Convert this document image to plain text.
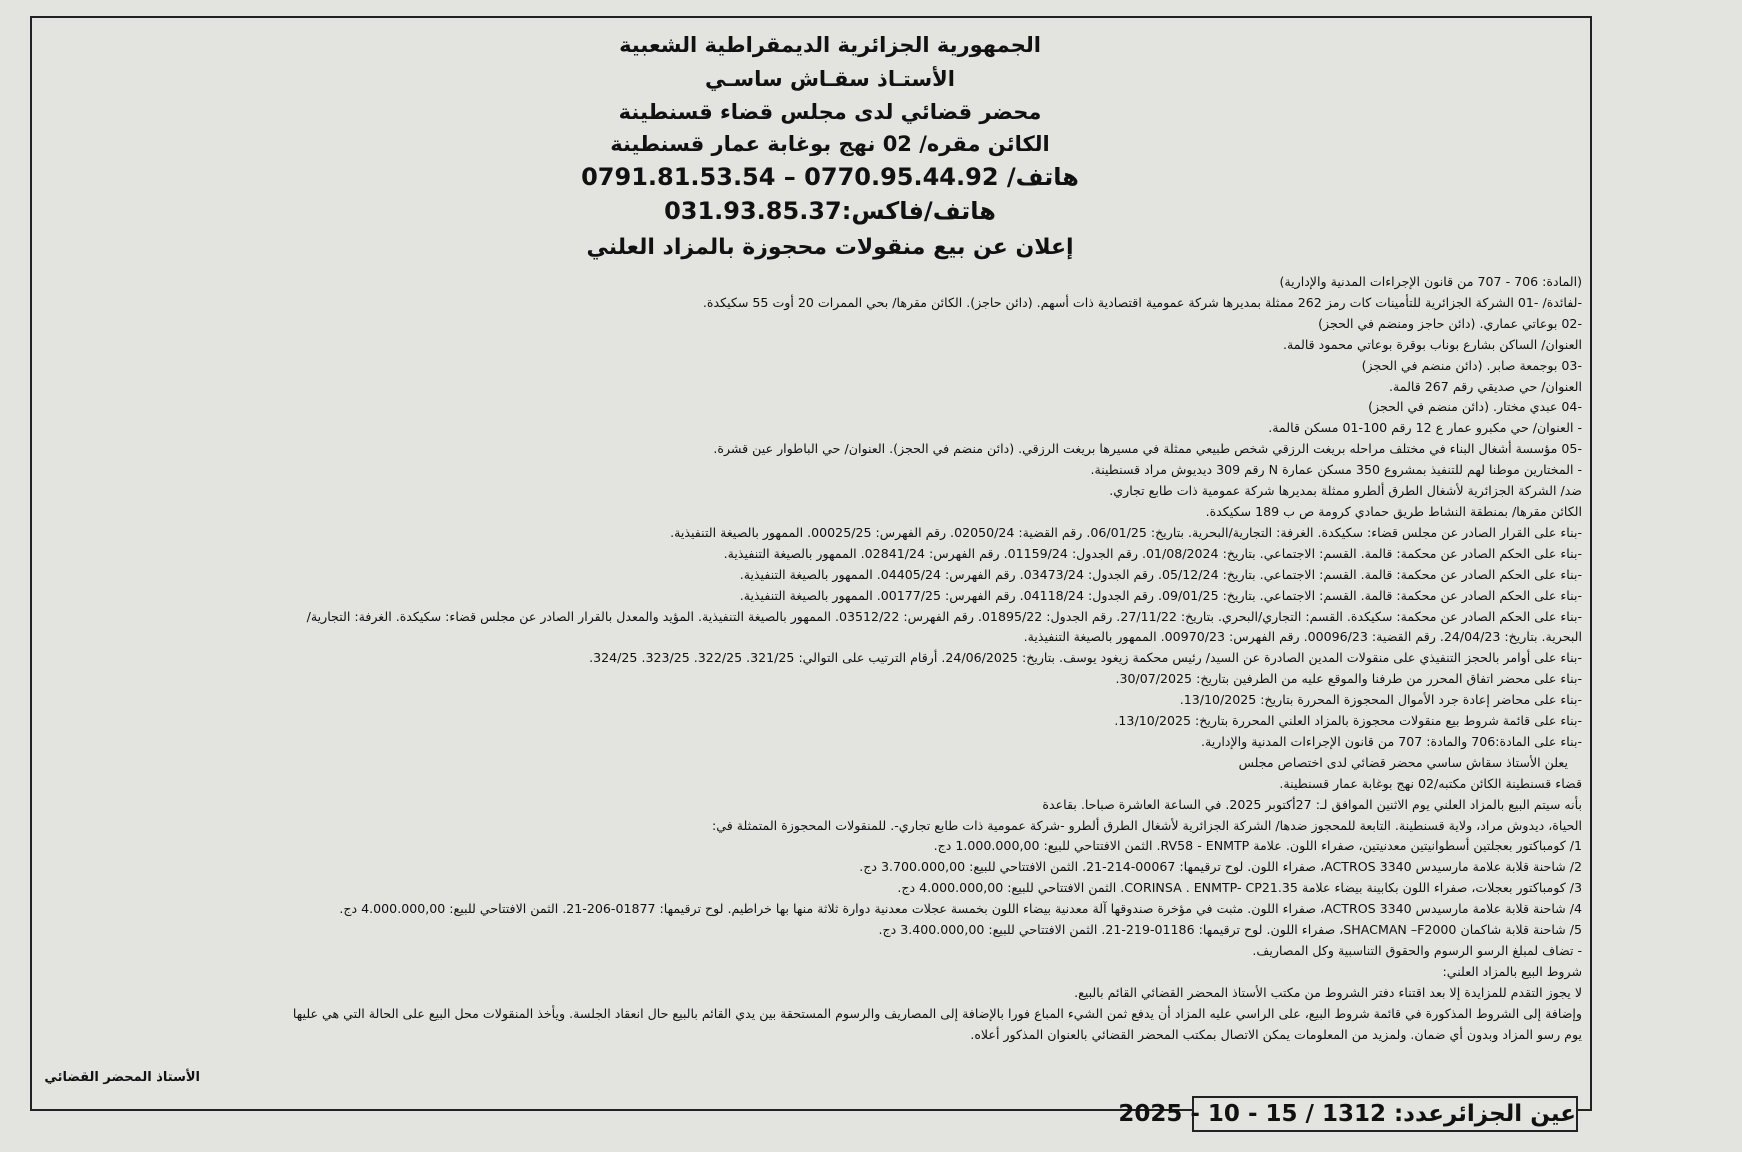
الجمهورية الجزائرية الديمقراطية الشعبية
الأستـاذ سقـاش ساسـي
محضر قضائي لدى مجلس قضاء قسنطينة
الكائن مقره/ 02 نهج بوغابة عمار قسنطينة
هاتف/ 0770.95.44.92 – 0791.81.53.54
هاتف/فاكس:031.93.85.37
إعلان عن بيع منقولات محجوزة بالمزاد العلني
(المادة: 706 - 707 من قانون الإجراءات المدنية والإدارية)
-لفائدة/ -01 الشركة الجزائرية للتأمينات كات رمز 262 ممثلة بمديرها شركة عمومية اقتصادية ذات أسهم. (دائن حاجز). الكائن مقرها/ بحي الممرات 20 أوت 55 سكيكدة.
-02 بوعاتي عماري. (دائن حاجز ومنضم في الحجز)
العنوان/ الساكن بشارع بوناب بوقرة بوعاتي محمود قالمة.
-03 بوجمعة صابر. (دائن منضم في الحجز)
العنوان/ حي صديقي رقم 267 قالمة.
-04 عبدي مختار. (دائن منضم في الحجز)
- العنوان/ حي مكبرو عمار ع 12 رقم 100-01 مسكن قالمة.
-05 مؤسسة أشغال البناء في مختلف مراحله بريغت الرزقي شخص طبيعي ممثلة في مسيرها بريغت الرزقي. (دائن منضم في الحجز). العنوان/ حي الباطوار عين قشرة.
- المختارين موطنا لهم للتنفيذ بمشروع 350 مسكن عمارة N رقم 309 ديديوش مراد قسنطينة.
ضد/ الشركة الجزائرية لأشغال الطرق ألطرو ممثلة بمديرها شركة عمومية ذات طابع تجاري.
الكائن مقرها/ بمنطقة النشاط طريق حمادي كرومة ص ب 189 سكيكدة.
-بناء على القرار الصادر عن مجلس قضاء: سكيكدة. الغرفة: التجارية/البحرية. بتاريخ: 06/01/25. رقم القضية: 02050/24. رقم الفهرس: 00025/25. الممهور بالصيغة التنفيذية.
-بناء على الحكم الصادر عن محكمة: قالمة. القسم: الاجتماعي. بتاريخ: 01/08/2024. رقم الجدول: 01159/24. رقم الفهرس: 02841/24. الممهور بالصيغة التنفيذية.
-بناء على الحكم الصادر عن محكمة: قالمة. القسم: الاجتماعي. بتاريخ: 05/12/24. رقم الجدول: 03473/24. رقم الفهرس: 04405/24. الممهور بالصيغة التنفيذية.
-بناء على الحكم الصادر عن محكمة: قالمة. القسم: الاجتماعي. بتاريخ: 09/01/25. رقم الجدول: 04118/24. رقم الفهرس: 00177/25. الممهور بالصيغة التنفيذية.
-بناء على الحكم الصادر عن محكمة: سكيكدة. القسم: التجاري/البحري. بتاريخ: 27/11/22. رقم الجدول: 01895/22. رقم الفهرس: 03512/22. الممهور بالصيغة التنفيذية. المؤيد والمعدل بالقرار الصادر عن مجلس قضاء: سكيكدة. الغرفة: التجارية/
البحرية. بتاريخ: 24/04/23. رقم القضية: 00096/23. رقم الفهرس: 00970/23. الممهور بالصيغة التنفيذية.
-بناء على أوامر بالحجز التنفيذي على منقولات المدين الصادرة عن السيد/ رئيس محكمة زيغود يوسف. بتاريخ: 24/06/2025. أرقام الترتيب على التوالي: 321/25. 322/25. 323/25. 324/25.
-بناء على محضر اتفاق المحرر من طرفنا والموقع عليه من الطرفين بتاريخ: 30/07/2025.
-بناء على محاضر إعادة جرد الأموال المحجوزة المحررة بتاريخ: 13/10/2025.
-بناء على قائمة شروط بيع منقولات محجوزة بالمزاد العلني المحررة بتاريخ: 13/10/2025.
-بناء على المادة:706 والمادة: 707 من قانون الإجراءات المدنية والإدارية.
يعلن الأستاذ سقاش ساسي محضر قضائي لدى اختصاص مجلس
قضاء قسنطينة الكائن مكتبه/02 نهج بوغابة عمار قسنطينة.
بأنه سيتم البيع بالمزاد العلني يوم الاثنين الموافق لـ: 27أكتوبر 2025. في الساعة العاشرة صباحا. بقاعدة
الحياة، ديدوش مراد، ولاية قسنطينة. التابعة للمحجوز ضدها/ الشركة الجزائرية لأشغال الطرق ألطرو -شركة عمومية ذات طابع تجاري-. للمنقولات المحجوزة المتمثلة في:
1/ كومباكتور بعجلتين أسطوانيتين معدنيتين، صفراء اللون. علامة RV58 - ENMTP. الثمن الافتتاحي للبيع: 1.000.000,00 دج.
2/ شاحنة قلابة علامة مارسيدس ACTROS 3340، صفراء اللون. لوح ترقيمها: 00067-214-21. الثمن الافتتاحي للبيع: 3.700.000,00 دج.
3/ كومباكتور بعجلات، صفراء اللون بكابينة بيضاء علامة CORINSA . ENMTP- CP21.35. الثمن الافتتاحي للبيع: 4.000.000,00 دج.
4/ شاحنة قلابة علامة مارسيدس ACTROS 3340، صفراء اللون. مثبت في مؤخرة صندوقها آلة معدنية بيضاء اللون بخمسة عجلات معدنية دوارة ثلاثة منها بها خراطيم. لوح ترقيمها: 01877-206-21. الثمن الافتتاحي للبيع: 4.000.000,00 دج.
5/ شاحنة قلابة شاكمان SHACMAN –F2000، صفراء اللون. لوح ترقيمها: 01186-219-21. الثمن الافتتاحي للبيع: 3.400.000,00 دج.
- تضاف لمبلغ الرسو الرسوم والحقوق التناسبية وكل المصاريف.
شروط البيع بالمزاد العلني:
لا يجوز التقدم للمزايدة إلا بعد اقتناء دفتر الشروط من مكتب الأستاذ المحضر القضائي القائم بالبيع.
وإضافة إلى الشروط المذكورة في قائمة شروط البيع، على الراسي عليه المزاد أن يدفع ثمن الشيء المباع فورا بالإضافة إلى المصاريف والرسوم المستحقة بين يدي القائم بالبيع حال انعقاد الجلسة. ويأخذ المنقولات محل البيع على الحالة التي هي عليها
يوم رسو المزاد وبدون أي ضمان. ولمزيد من المعلومات يمكن الاتصال بمكتب المحضر القضائي بالعنوان المذكور أعلاه.
الأستاذ المحضر القضائي
عين الجزائرعدد: 1312 / 15 - 10 - 2025
